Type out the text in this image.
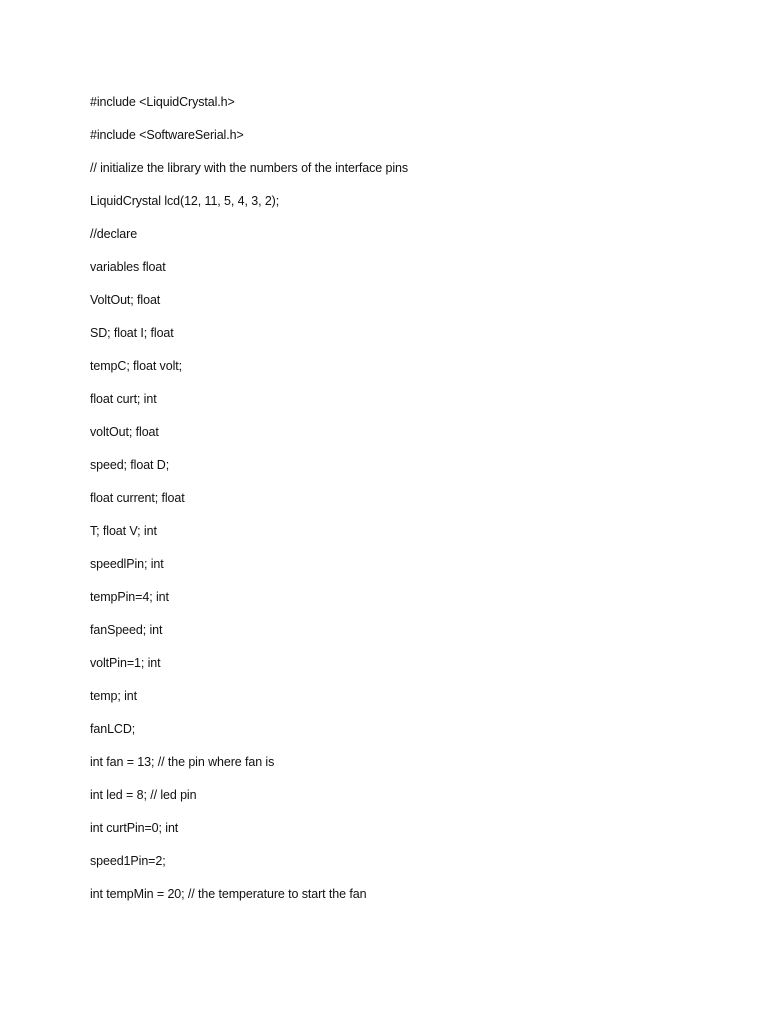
#include <LiquidCrystal.h>
#include <SoftwareSerial.h>
// initialize the library with the numbers of the interface pins
LiquidCrystal lcd(12, 11, 5, 4, 3, 2);
//declare
variables float
VoltOut; float
SD; float I; float
tempC; float volt;
float curt; int
voltOut; float
speed; float D;
float current; float
T; float V; int
speedlPin; int
tempPin=4; int
fanSpeed; int
voltPin=1; int
temp; int
fanLCD;
int fan = 13; // the pin where fan is
int led = 8; // led pin
int curtPin=0; int
speed1Pin=2;
int tempMin = 20; // the temperature to start the fan
